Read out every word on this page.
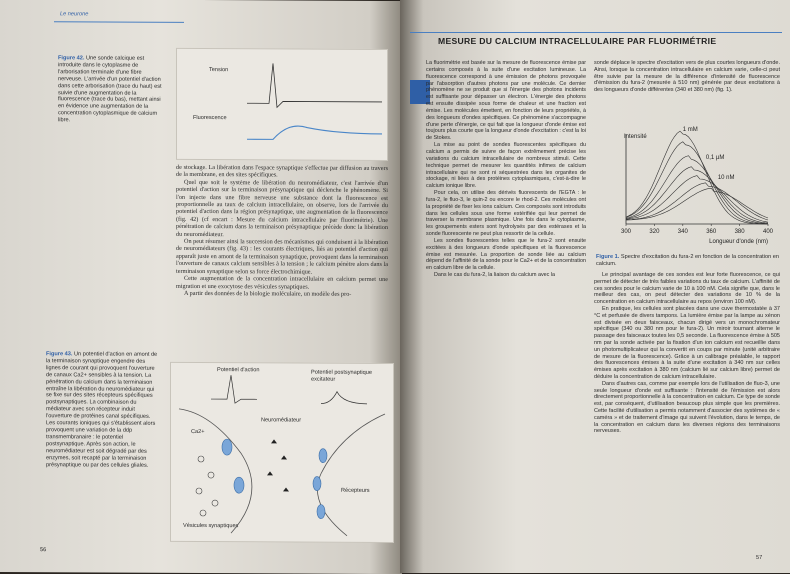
Le neurone
Figure 42. Une sonde calcique est introduite dans le cytoplasme de l'arborisation terminale d'une fibre nerveuse. L'arrivée d'un potentiel d'action dans cette arborisation (trace du haut) est suivie d'une augmentation de la fluorescence (trace du bas), mettant ainsi en évidence une augmentation de la concentration cytoplasmique de calcium libre.
Tension
Fluorescence

de stockage. La libération dans l'espace synaptique s'effectue par diffusion au travers de la membrane, en des sites spécifiques.

Quel que soit le système de libération du neuromédiateur, c'est l'arrivée d'un potentiel d'action sur la terminaison présynaptique qui déclenche le phénomène. Si l'on injecte dans une fibre nerveuse une substance dont la fluorescence est proportionnelle au taux de calcium intracellulaire, on observe, lors de l'arrivée du potentiel d'action dans la région présynaptique, une augmentation de la fluorescence (fig. 42) (cf encart : Mesure du calcium intracellulaire par fluorimétrie). Une pénétration de calcium dans la terminaison présynaptique précède donc la libération du neuromédiateur.

On peut résumer ainsi la succession des mécanismes qui conduisent à la libération de neuromédiateurs (fig. 43) : les courants électriques, liés au potentiel d'action qui apparaît juste en amont de la terminaison synaptique, provoquent dans la terminaison l'ouverture de canaux calcium sensibles à la tension ; le calcium pénètre alors dans la terminaison synaptique selon sa force électrochimique.

Cette augmentation de la concentration intracellulaire en calcium permet une migration et une exocytose des vésicules synaptiques.

A partir des données de la biologie moléculaire, un modèle des pro-

Figure 43. Un potentiel d'action en amont de la terminaison synaptique engendre des lignes de courant qui provoquent l'ouverture de canaux Ca2+ sensibles à la tension. La pénétration du calcium dans la terminaison entraîne la libération du neuromédiateur qui se fixe sur des sites récepteurs spécifiques postsynaptiques. La combinaison du médiateur avec son récepteur induit l'ouverture de protéines canal spécifiques. Les courants ioniques qui s'établissent alors provoquent une variation de la ddp transmembranaire : le potentiel postsynaptique. Après son action, le neuromédiateur est soit dégradé par des enzymes, soit recapté par la terminaison présynaptique ou par des cellules gliales.
Potentiel d'action	Potentiel postsynaptique excitateur
Neuromédiateur
Ca2+
Récepteurs
Vésicules synaptiques
56
MESURE DU CALCIUM INTRACELLULAIRE PAR FLUORIMÉTRIE

La fluorimétrie est basée sur la mesure de fluorescence émise par certains composés à la suite d'une excitation lumineuse. La fluorescence correspond à une émission de photons provoquée par l'absorption d'autres photons par une molécule. Ce dernier phénomène ne se produit que si l'énergie des photons incidents est suffisante pour dépasser un électron. L'énergie des photons est ensuite dissipée sous forme de chaleur et une fraction est émise. Les molécules émettent, en fonction de leurs propriétés, à des longueurs d'ondes spécifiques. Ce phénomène s'accompagne d'une perte d'énergie, ce qui fait que la longueur d'onde émise est toujours plus courte que la longueur d'onde d'excitation : c'est la loi de Stokes.

La mise au point de sondes fluorescentes spécifiques du calcium a permis de suivre de façon extrêmement précise les variations du calcium intracellulaire de nombreux stimuli. Cette technique permet de mesurer les quantités infimes de calcium intracellulaire qui ne sont ni séquestrées dans les organites de stockage, ni liées à des protéines cytoplasmiques, c'est-à-dire le calcium ionique libre.

Pour cela, on utilise des dérivés fluorescents de l'EGTA : le fura-2, le fluo-3, le quin-2 ou encore le rhod-2. Ces molécules ont la propriété de fixer les ions calcium. Ces composés sont introduits dans les cellules sous une forme estérifiée qui leur permet de traverser la membrane plasmique. Une fois dans le cytoplasme, les groupements esters sont hydrolysés par des estérases et la sonde fluorescente ne peut plus ressortir de la cellule.

Les sondes fluorescentes telles que le fura-2 sont ensuite excitées à des longueurs d'onde spécifiques et la fluorescence émise est mesurée. La proportion de sonde liée au calcium dépend de l'affinité de la sonde pour le Ca2+ et de la concentration en calcium libre de la cellule.

Dans le cas du fura-2, la liaison du calcium avec la

sonde déplace le spectre d'excitation vers de plus courtes longueurs d'onde. Ainsi, lorsque la concentration intracellulaire en calcium varie, celle-ci peut être suivie par la mesure de la différence d'intensité de fluorescence d'émission du fura-2 (mesurée à 510 nm) générée par deux excitations à des longueurs d'onde différentes (340 et 380 nm) (fig. 1).

300	320	340	360	380	400
Longueur d'onde (nm)
Intensité
1 mM
0,1 µM
10 nM
Figure 1. Spectre d'excitation du fura-2 en fonction de la concentration en calcium.

Le principal avantage de ces sondes est leur forte fluorescence, ce qui permet de détecter de très faibles variations du taux de calcium. L'affinité de ces sondes pour le calcium varie de 10 à 100 nM. Cela signifie que, dans le meilleur des cas, on peut détecter des variations de 10 % de la concentration en calcium intracellulaire au repos (environ 100 nM).

En pratique, les cellules sont placées dans une cuve thermostatée à 37 °C et perfusée de divers tampons. La lumière émise par la lampe au xénon est divisée en deux faisceaux, chacun dirigé vers un monochromateur spécifique (340 ou 380 nm pour le fura-2). Un miroir tournant alterne le passage des faisceaux toutes les 0,5 seconde. La fluorescence émise à 505 nm par la sonde activée par la fixation d'un ion calcium est recueillie dans un photomultiplicateur qui la convertit en coups par minute (unité arbitraire de mesure de la fluorescence). Grâce à un calibrage préalable, le rapport des fluorescences émises à la suite d'une excitation à 340 nm sur celles émises après excitation à 380 nm (calcium lié sur calcium libre) permet de déduire la concentration de calcium intracellulaire.

Dans d'autres cas, comme par exemple lors de l'utilisation de fluo-3, une seule longueur d'onde est suffisante : l'intensité de l'émission est alors directement proportionnelle à la concentration en calcium. Ce type de sonde est, par conséquent, d'utilisation beaucoup plus simple que les premières. Cette facilité d'utilisation a permis notamment d'associer des systèmes de « caméra » et de traitement d'image qui suivent l'évolution, dans le temps, de la concentration en calcium dans les diverses régions des terminaisons nerveuses.

57
